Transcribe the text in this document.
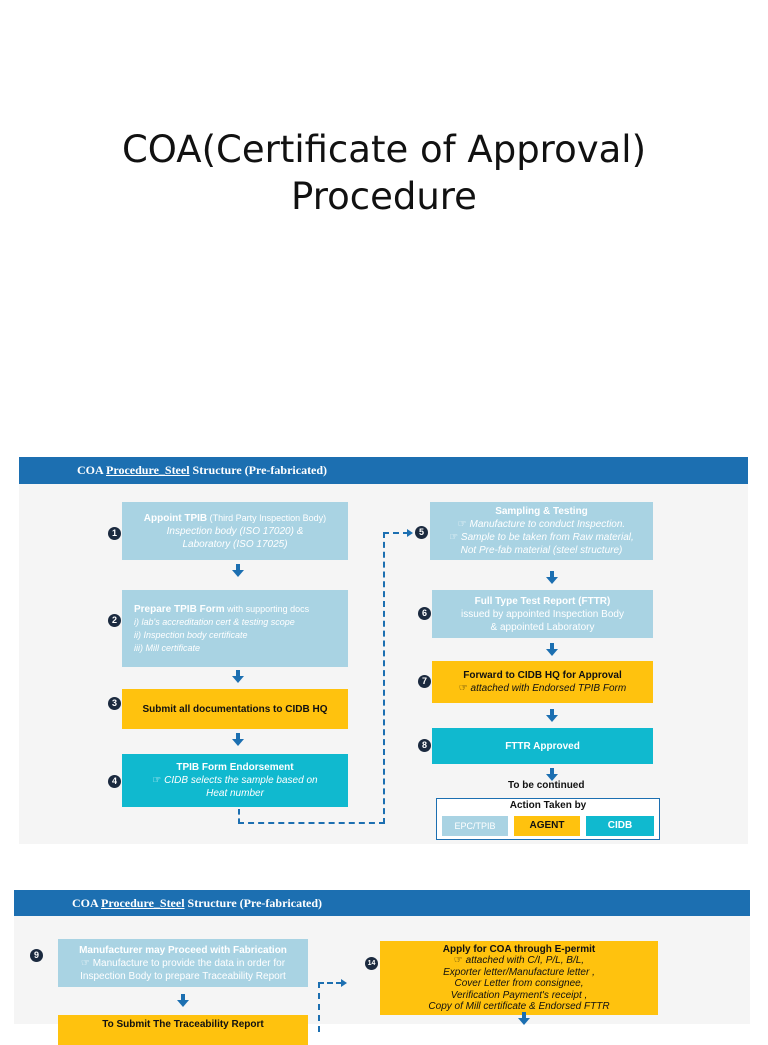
COA(Certificate of Approval)
Procedure
COA Procedure_Steel Structure (Pre-fabricated)
1
Appoint TPIB (Third Party Inspection Body)
Inspection body (ISO 17020) &
Laboratory (ISO 17025)
2
Prepare TPIB Form with supporting docs
i) lab's accreditation cert & testing scope
ii) Inspection body certificate
iii) Mill certificate
3
Submit all documentations to CIDB HQ
4
TPIB Form Endorsement
☞ CIDB selects the sample based on
Heat number
5
Sampling & Testing
☞ Manufacture to conduct Inspection.
☞ Sample to be taken from Raw material,
Not Pre-fab material (steel structure)
6
Full Type Test Report (FTTR)
issued by appointed Inspection Body
& appointed Laboratory
7	Forward to CIDB HQ for Approval
☞ attached with Endorsed TPIB Form
8	FTTR Approved
To be continued
Action Taken by
EPC/TPIB	AGENT	CIDB
COA Procedure_Steel Structure (Pre-fabricated)
9	Manufacturer may Proceed with Fabrication
☞ Manufacture to provide the data in order for
Inspection Body to prepare Traceability Report
To Submit The Traceability Report
14
Apply for COA through E-permit
☞ attached with C/I, P/L, B/L,
Exporter letter/Manufacture letter ,
Cover Letter from consignee,
Verification Payment's receipt ,
Copy of Mill certificate & Endorsed FTTR
